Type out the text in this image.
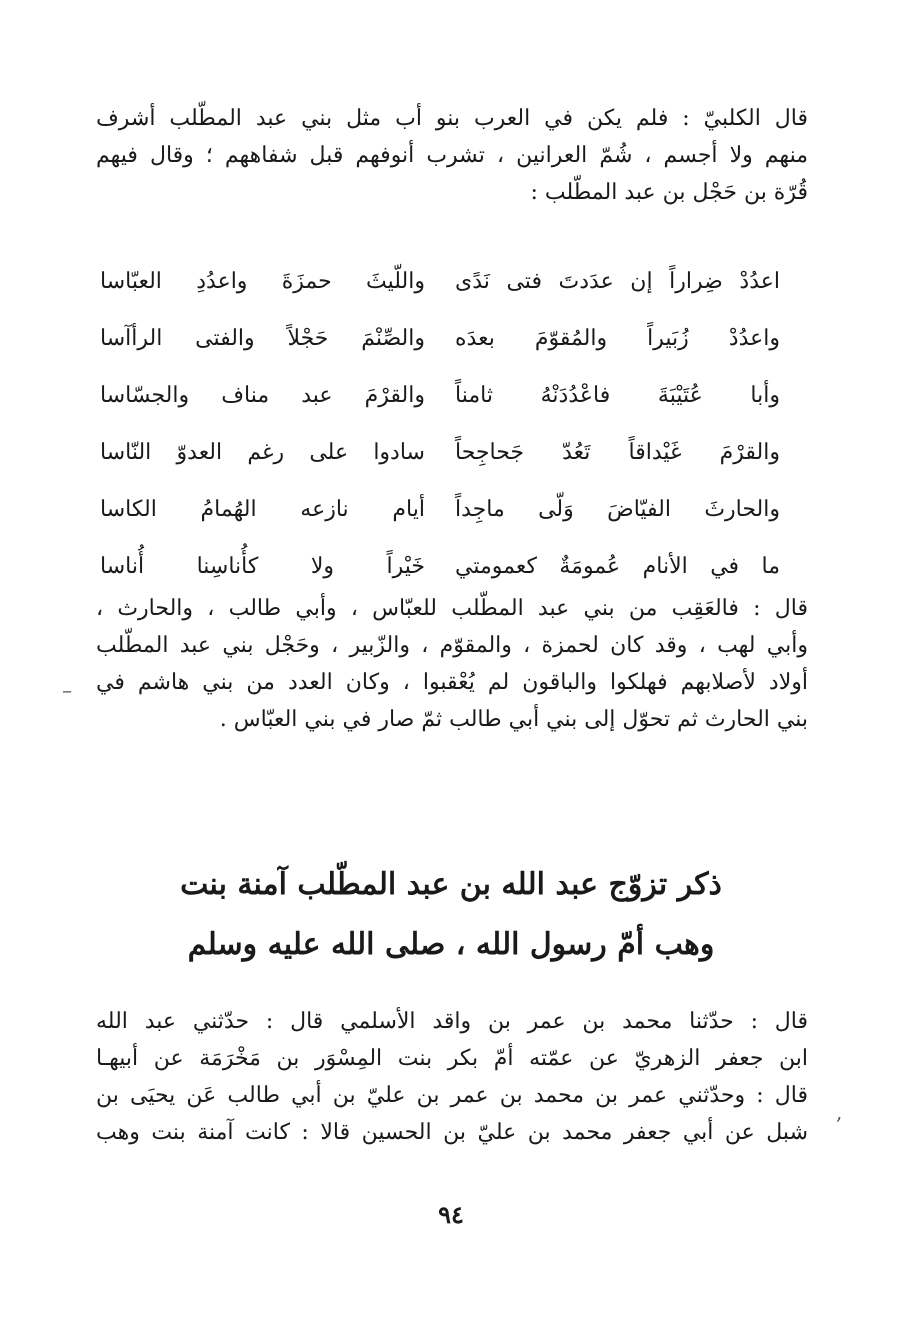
قال الكلبيّ : فلم يكن في العرب بنو أب مثل بني عبد المطّلب أشرف
منهم ولا أجسم ، شُمّ العرانين ، تشرب أنوفهم قبل شفاههم ؛ وقال فيهم
قُرّة بن حَجْل بن عبد المطّلب :
اعدُدْ ضِراراً إن عدَدتَ فتى نَدًى
واللّيثَ حمزَةَ واعدُدِ العبّاسا
واعدُدْ زُبَيراً والمُقوّمَ بعدَه
والصِّنْمَ حَجْلاً والفتى الرأآسا
وأبا عُتَيْبَةَ فاعْدُدَنْهُ ثامناً
والقرْمَ عبد مناف والجسّاسا
والقرْمَ غَيْداقاً تَعُدّ جَحاجِحاً
سادوا على رغم العدوّ النّاسا
والحارثَ الفيّاضَ وَلّى ماجِداً
أيام نازعه الهُمامُ الكاسا
ما في الأنام عُمومَةٌ كعمومتي
خَيْراً ولا كأُناسِنا أُناسا
قال : فالعَقِب من بني عبد المطّلب للعبّاس ، وأبي طالب ، والحارث ،
وأبي لهب ، وقد كان لحمزة ، والمقوّم ، والزّبير ، وحَجْل بني عبد المطّلب
أولاد لأصلابهم فهلكوا والباقون لم يُعْقبوا ، وكان العدد من بني هاشم في
بني الحارث ثم تحوّل إلى بني أبي طالب ثمّ صار في بني العبّاس .
ذكر تزوّج عبد الله بن عبد المطّلب آمنة بنت
وهب أمّ رسول الله ، صلى الله عليه وسلم
قال : حدّثنا محمد بن عمر بن واقد الأسلمي قال : حدّثني عبد الله
ابن جعفر الزهريّ عن عمّته أمّ بكر بنت المِسْوَر بن مَخْرَمَة عن أبيهـا
قال : وحدّثني عمر بن محمد بن عمر بن عليّ بن أبي طالب عَن يحيَى بن
شبل عن أبي جعفر محمد بن عليّ بن الحسين قالا : كانت آمنة بنت وهب
٩٤
–
,
